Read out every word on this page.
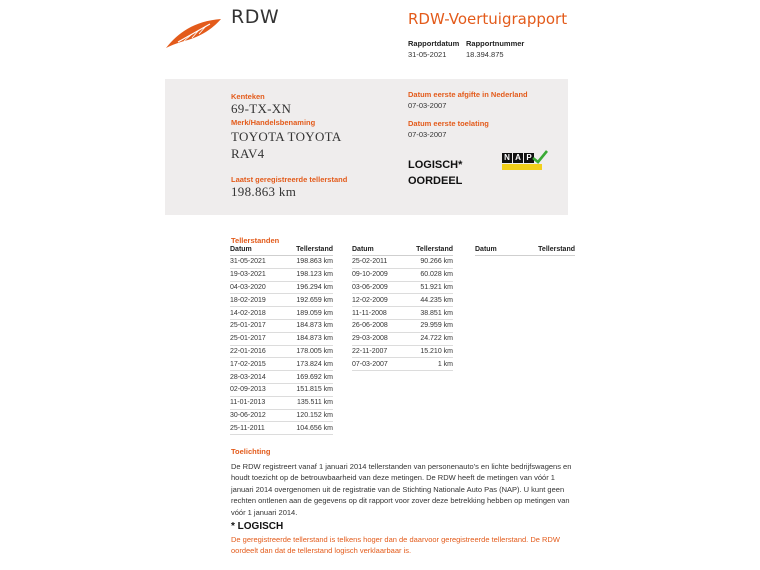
RDW	RDW-Voertuigrapport
Rapportdatum Rapportnummer
31-05-2021	18.394.875
Kenteken
69-TX-XN
Merk/Handelsbenaming
TOYOTA TOYOTA
RAV4
Laatst geregistreerde tellerstand
198.863 km
Datum eerste afgifte in Nederland
07-03-2007
Datum eerste toelating
07-03-2007
LOGISCH*
OORDEEL
N A P
Tellerstanden
Datum	Tellerstand
31-05-2021	198.863 km
19-03-2021	198.123 km
04-03-2020	196.294 km
18-02-2019	192.659 km
14-02-2018	189.059 km
25-01-2017	184.873 km
25-01-2017	184.873 km
22-01-2016	178.005 km
17-02-2015	173.824 km
28-03-2014	169.692 km
02-09-2013	151.815 km
11-01-2013	135.511 km
30-06-2012	120.152 km
25-11-2011	104.656 km
Datum	Tellerstand
25-02-2011	90.266 km
09-10-2009	60.028 km
03-06-2009	51.921 km
12-02-2009	44.235 km
11-11-2008	38.851 km
26-06-2008	29.959 km
29-03-2008	24.722 km
22-11-2007	15.210 km
07-03-2007	1 km
Datum	Tellerstand
Toelichting
De RDW registreert vanaf 1 januari 2014 tellerstanden van personenauto's en lichte bedrijfswagens en houdt toezicht op de betrouwbaarheid van deze metingen. De RDW heeft de metingen van vóór 1 januari 2014 overgenomen uit de registratie van de Stichting Nationale Auto Pas (NAP). U kunt geen rechten ontlenen aan de gegevens op dit rapport voor zover deze betrekking hebben op metingen van vóór 1 januari 2014.
* LOGISCH
De geregistreerde tellerstand is telkens hoger dan de daarvoor geregistreerde tellerstand. De RDW oordeelt dan dat de tellerstand logisch verklaarbaar is.
